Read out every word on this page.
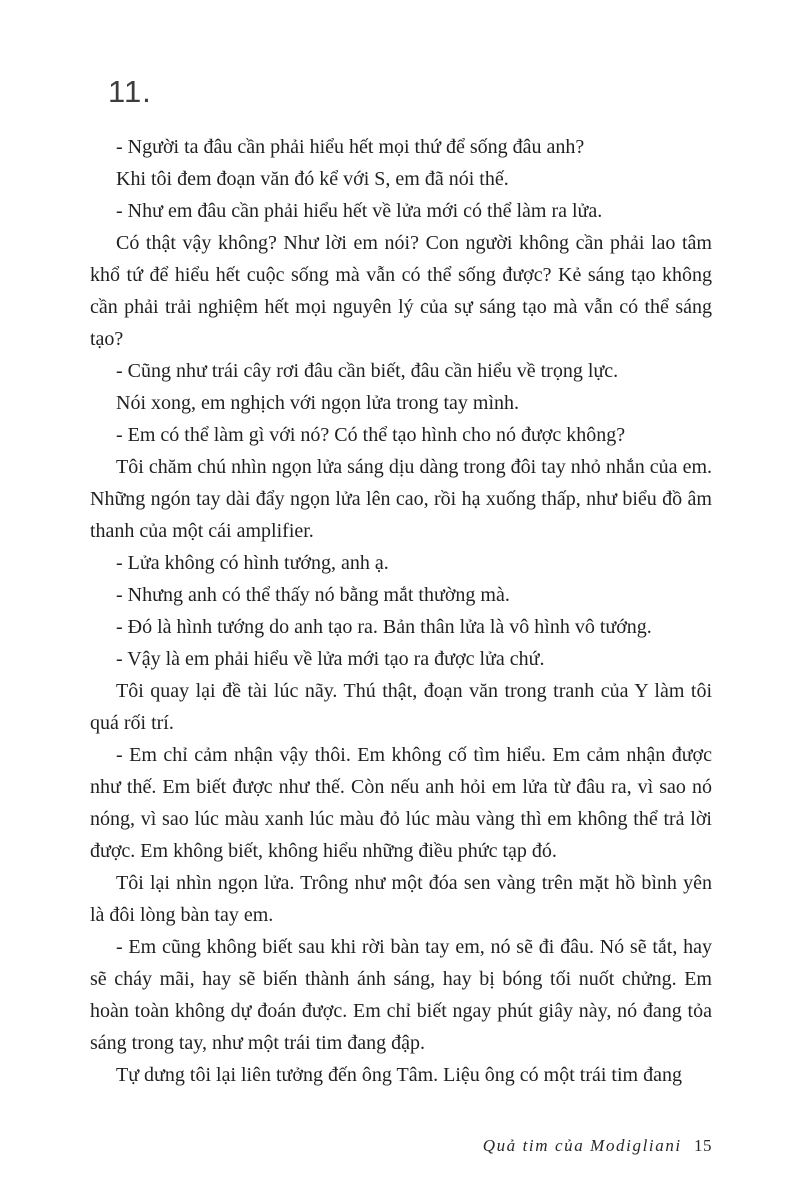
11.

- Người ta đâu cần phải hiểu hết mọi thứ để sống đâu anh?

Khi tôi đem đoạn văn đó kể với S, em đã nói thế.

- Như em đâu cần phải hiểu hết về lửa mới có thể làm ra lửa.

Có thật vậy không? Như lời em nói? Con người không cần phải lao tâm khổ tứ để hiểu hết cuộc sống mà vẫn có thể sống được? Kẻ sáng tạo không cần phải trải nghiệm hết mọi nguyên lý của sự sáng tạo mà vẫn có thể sáng tạo?

- Cũng như trái cây rơi đâu cần biết, đâu cần hiểu về trọng lực.

Nói xong, em nghịch với ngọn lửa trong tay mình.

- Em có thể làm gì với nó? Có thể tạo hình cho nó được không?

Tôi chăm chú nhìn ngọn lửa sáng dịu dàng trong đôi tay nhỏ nhắn của em. Những ngón tay dài đẩy ngọn lửa lên cao, rồi hạ xuống thấp, như biểu đồ âm thanh của một cái amplifier.

- Lửa không có hình tướng, anh ạ.

- Nhưng anh có thể thấy nó bằng mắt thường mà.

- Đó là hình tướng do anh tạo ra. Bản thân lửa là vô hình vô tướng.

- Vậy là em phải hiểu về lửa mới tạo ra được lửa chứ.

Tôi quay lại đề tài lúc nãy. Thú thật, đoạn văn trong tranh của Y làm tôi quá rối trí.

- Em chỉ cảm nhận vậy thôi. Em không cố tìm hiểu. Em cảm nhận được như thế. Em biết được như thế. Còn nếu anh hỏi em lửa từ đâu ra, vì sao nó nóng, vì sao lúc màu xanh lúc màu đỏ lúc màu vàng thì em không thể trả lời được. Em không biết, không hiểu những điều phức tạp đó.

Tôi lại nhìn ngọn lửa. Trông như một đóa sen vàng trên mặt hồ bình yên là đôi lòng bàn tay em.

- Em cũng không biết sau khi rời bàn tay em, nó sẽ đi đâu. Nó sẽ tắt, hay sẽ cháy mãi, hay sẽ biến thành ánh sáng, hay bị bóng tối nuốt chửng. Em hoàn toàn không dự đoán được. Em chỉ biết ngay phút giây này, nó đang tỏa sáng trong tay, như một trái tim đang đập.

Tự dưng tôi lại liên tưởng đến ông Tâm. Liệu ông có một trái tim đang

Quả tim của Modigliani 15
